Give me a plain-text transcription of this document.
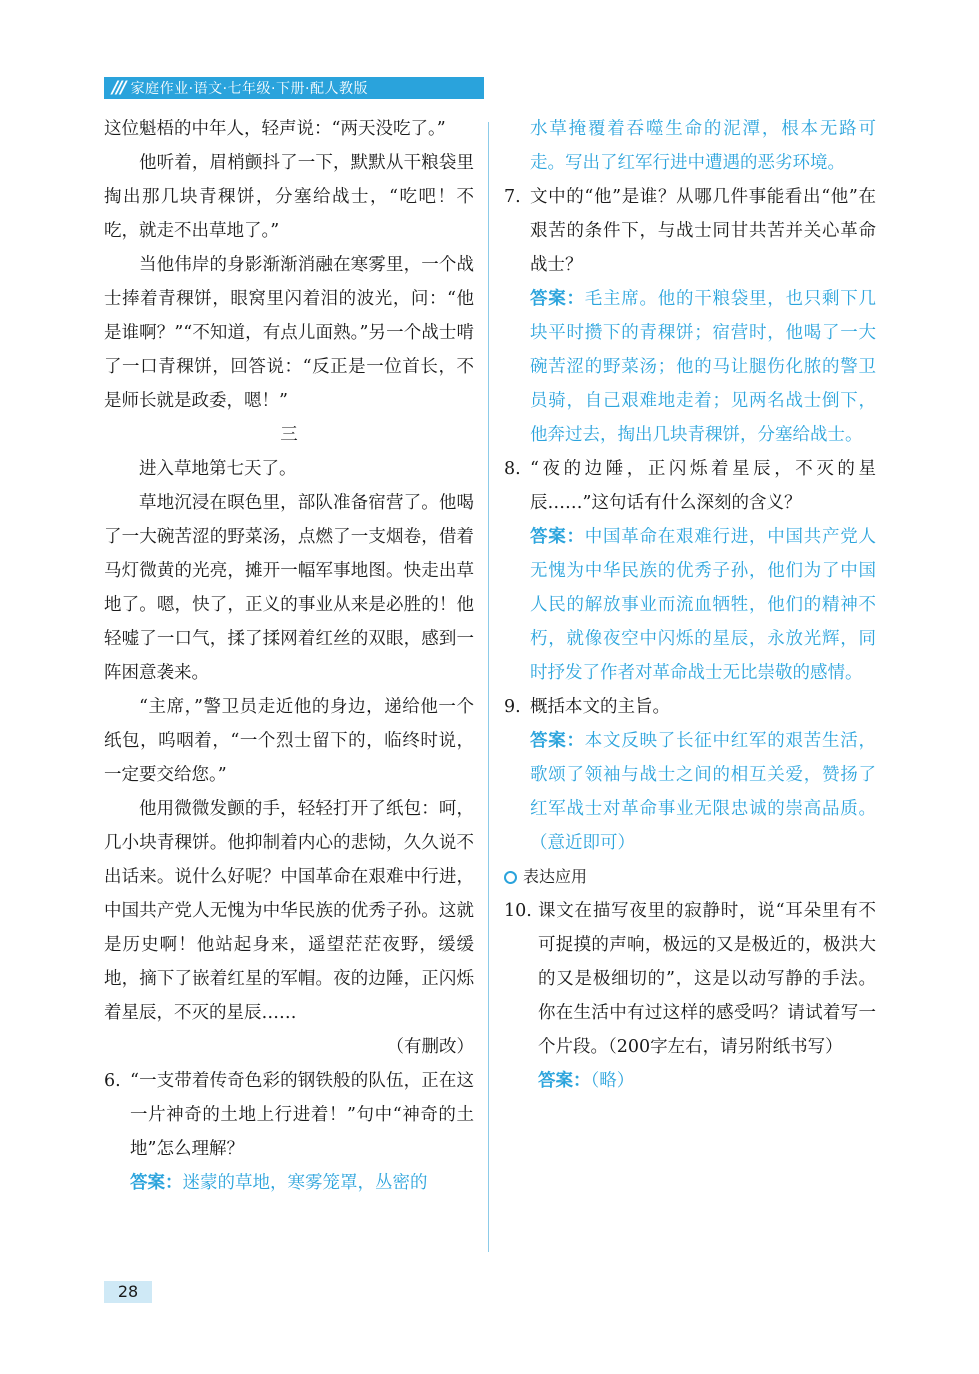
/// 家庭作业·语文·七年级·下册·配人教版

这位魁梧的中年人，轻声说：“两天没吃了。”

他听着，眉梢颤抖了一下，默默从干粮袋里掏出那几块青稞饼，分塞给战士，“吃吧！不吃，就走不出草地了。”

当他伟岸的身影渐渐消融在寒雾里，一个战士捧着青稞饼，眼窝里闪着泪的波光，问：“他是谁啊？”“不知道，有点儿面熟。”另一个战士啃了一口青稞饼，回答说：“反正是一位首长，不是师长就是政委，嗯！”

三

进入草地第七天了。

草地沉浸在暝色里，部队准备宿营了。他喝了一大碗苦涩的野菜汤，点燃了一支烟卷，借着马灯微黄的光亮，摊开一幅军事地图。快走出草地了。嗯，快了，正义的事业从来是必胜的！他轻嘘了一口气，揉了揉网着红丝的双眼，感到一阵困意袭来。

“主席，”警卫员走近他的身边，递给他一个纸包，呜咽着，“一个烈士留下的，临终时说，一定要交给您。”

他用微微发颤的手，轻轻打开了纸包：呵，几小块青稞饼。他抑制着内心的悲恸，久久说不出话来。说什么好呢？中国革命在艰难中行进，中国共产党人无愧为中华民族的优秀子孙。这就是历史啊！他站起身来，遥望茫茫夜野，缓缓地，摘下了嵌着红星的军帽。夜的边陲，正闪烁着星辰，不灭的星辰……

（有删改）

6. “一支带着传奇色彩的钢铁般的队伍，正在这一片神奇的土地上行进着！”句中“神奇的土地”怎么理解？

答案：迷蒙的草地，寒雾笼罩，丛密的

水草掩覆着吞噬生命的泥潭，根本无路可走。写出了红军行进中遭遇的恶劣环境。

7. 文中的“他”是谁？从哪几件事能看出“他”在艰苦的条件下，与战士同甘共苦并关心革命战士？

答案：毛主席。他的干粮袋里，也只剩下几块平时攒下的青稞饼；宿营时，他喝了一大碗苦涩的野菜汤；他的马让腿伤化脓的警卫员骑，自己艰难地走着；见两名战士倒下，他奔过去，掏出几块青稞饼，分塞给战士。

8. “夜的边陲，正闪烁着星辰，不灭的星辰……”这句话有什么深刻的含义？

答案：中国革命在艰难行进，中国共产党人无愧为中华民族的优秀子孙，他们为了中国人民的解放事业而流血牺牲，他们的精神不朽，就像夜空中闪烁的星辰，永放光辉，同时抒发了作者对革命战士无比崇敬的感情。

9. 概括本文的主旨。

答案：本文反映了长征中红军的艰苦生活，歌颂了领袖与战士之间的相互关爱，赞扬了红军战士对革命事业无限忠诚的崇高品质。（意近即可）

表达应用
10. 课文在描写夜里的寂静时，说“耳朵里有不可捉摸的声响，极远的又是极近的，极洪大的又是极细切的”，这是以动写静的手法。你在生活中有过这样的感受吗？请试着写一个片段。（200字左右，请另附纸书写）

答案：（略）

28
